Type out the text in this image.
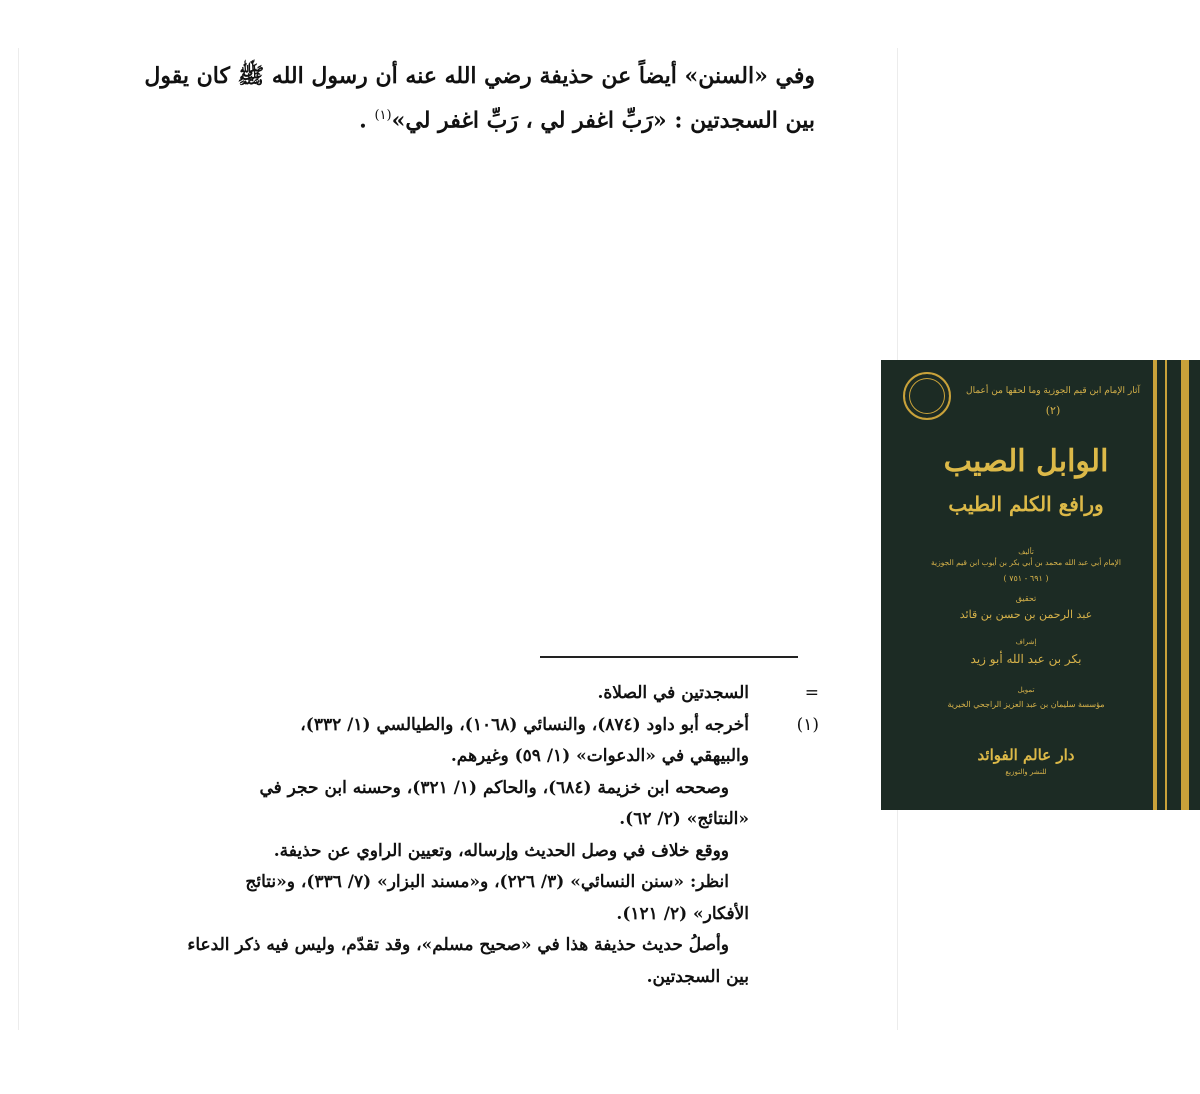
وفي «السنن» أيضاً عن حذيفة رضي الله عنه أن رسول الله ﷺ كان يقول

بين السجدتين : «رَبِّ اغفر لي ، رَبِّ اغفر لي»$^{(١)}$ .

=
السجدتين في الصلاة.
(١)
أخرجه أبو داود (٨٧٤)، والنسائي (١٠٦٨)، والطيالسي (١/ ٣٣٢)،
والبيهقي في «الدعوات» (١/ ٥٩) وغيرهم.
وصححه ابن خزيمة (٦٨٤)، والحاكم (١/ ٣٢١)، وحسنه ابن حجر في
«النتائج» (٢/ ٦٢).
ووقع خلاف في وصل الحديث وإرساله، وتعيين الراوي عن حذيفة.
انظر: «سنن النسائي» (٣/ ٢٢٦)، و«مسند البزار» (٧/ ٣٣٦)، و«نتائج
الأفكار» (٢/ ١٢١).
وأصلُ حديث حذيفة هذا في «صحيح مسلم»، وقد تقدّم، وليس فيه ذكر الدعاء
بين السجدتين.
آثار الإمام ابن قيم الجوزية وما لحقها من أعمال
(٢)
الوابل الصيب
ورافع الكلم الطيب
تأليف
الإمام أبي عبد الله محمد بن أبي بكر بن أيوب ابن قيم الجوزية
( ٦٩١ - ٧٥١ )
تحقيق
عبد الرحمن بن حسن بن قائد
إشراف
بكر بن عبد الله أبو زيد
تمويل
مؤسسة سليمان بن عبد العزيز الراجحي الخيرية
دار عالم الفوائد
للنشر والتوزيع
